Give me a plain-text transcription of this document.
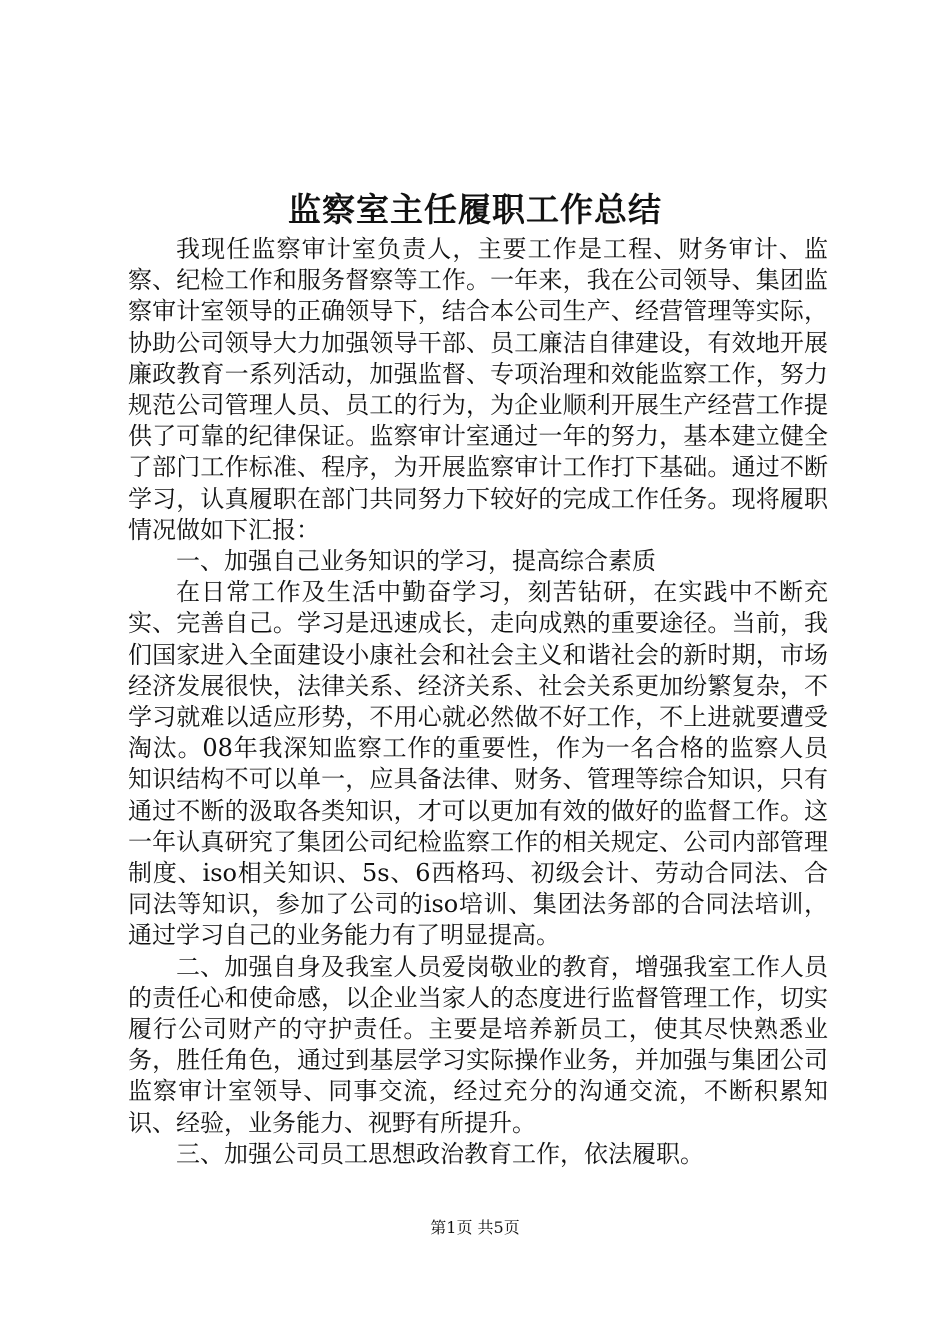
监察室主任履职工作总结

我现任监察审计室负责人，主要工作是工程、财务审计、监察、纪检工作和服务督察等工作。一年来，我在公司领导、集团监察审计室领导的正确领导下，结合本公司生产、经营管理等实际，协助公司领导大力加强领导干部、员工廉洁自律建设，有效地开展廉政教育一系列活动，加强监督、专项治理和效能监察工作，努力规范公司管理人员、员工的行为，为企业顺利开展生产经营工作提供了可靠的纪律保证。监察审计室通过一年的努力，基本建立健全了部门工作标准、程序，为开展监察审计工作打下基础。通过不断学习，认真履职在部门共同努力下较好的完成工作任务。现将履职情况做如下汇报：

一、加强自己业务知识的学习，提高综合素质

在日常工作及生活中勤奋学习，刻苦钻研，在实践中不断充实、完善自己。学习是迅速成长，走向成熟的重要途径。当前，我们国家进入全面建设小康社会和社会主义和谐社会的新时期，市场经济发展很快，法律关系、经济关系、社会关系更加纷繁复杂，不学习就难以适应形势，不用心就必然做不好工作，不上进就要遭受淘汰。08年我深知监察工作的重要性，作为一名合格的监察人员知识结构不可以单一，应具备法律、财务、管理等综合知识，只有通过不断的汲取各类知识，才可以更加有效的做好的监督工作。这一年认真研究了集团公司纪检监察工作的相关规定、公司内部管理制度、iso相关知识、5s、6西格玛、初级会计、劳动合同法、合同法等知识，参加了公司的iso培训、集团法务部的合同法培训，通过学习自己的业务能力有了明显提高。

二、加强自身及我室人员爱岗敬业的教育，增强我室工作人员的责任心和使命感，以企业当家人的态度进行监督管理工作，切实履行公司财产的守护责任。主要是培养新员工，使其尽快熟悉业务，胜任角色，通过到基层学习实际操作业务，并加强与集团公司监察审计室领导、同事交流，经过充分的沟通交流，不断积累知识、经验，业务能力、视野有所提升。

三、加强公司员工思想政治教育工作，依法履职。

第1页 共5页
